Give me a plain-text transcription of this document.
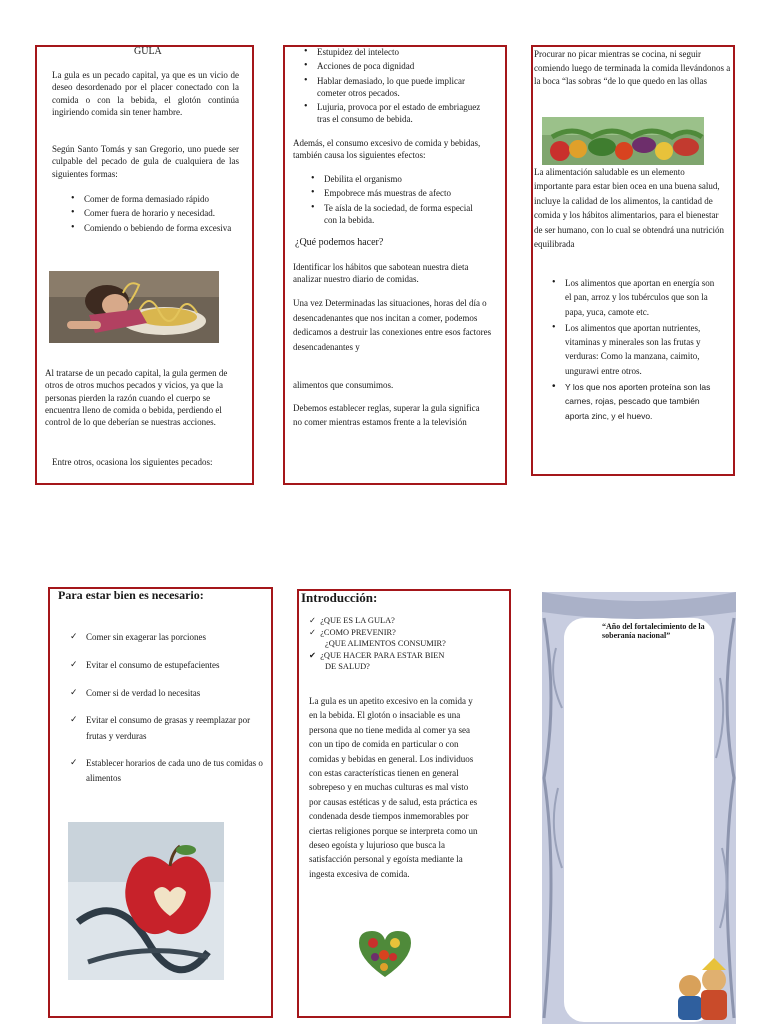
GULA
La gula es un pecado capital, ya que es un vicio de deseo desordenado por el placer conectado con la comida o con la bebida, el glotón continúa ingiriendo comida sin tener hambre.
Según Santo Tomás y san Gregorio, uno puede ser culpable del pecado de gula de cualquiera de las siguientes formas:
• Comer de forma demasiado rápido
• Comer fuera de horario y necesidad.
• Comiendo o bebiendo de forma excesiva
Al tratarse de un pecado capital, la gula germen de otros de otros muchos pecados y vicios, ya que la personas pierden la razón cuando el cuerpo se encuentra lleno de comida o bebida, perdiendo el control de lo que deberían se nuestras acciones.
Entre otros, ocasiona los siguientes pecados:
• Estupidez del intelecto
• Acciones de poca dignidad
• Hablar demasiado, lo que puede implicar cometer otros pecados.
• Lujuria, provoca por el estado de embriaguez tras el consumo de bebida.
Además, el consumo excesivo de comida y bebidas, también causa los siguientes efectos:
• Debilita el organismo
• Empobrece más muestras de afecto
• Te aísla de la sociedad, de forma especial con la bebida.
¿Qué podemos hacer?
Identificar los hábitos que sabotean nuestra dieta analizar nuestro diario de comidas.
Una vez Determinadas las situaciones, horas del día o desencadenantes que nos incitan a comer, podemos dedicamos a destruir las conexiones entre esos factores desencadenantes y
alimentos que consumimos.
Debemos establecer reglas, superar la gula significa no comer mientras estamos frente a la televisión
Procurar no picar mientras se cocina, ni seguir comiendo luego de terminada la comida llevándonos a la boca “las sobras “de lo que quedo en las ollas
La alimentación saludable es un elemento importante para estar bien ocea en una buena salud, incluye la calidad de los alimentos, la cantidad de comida y los hábitos alimentarios, para el bienestar de ser humano, con lo cual se obtendrá una nutrición equilibrada
• Los alimentos que aportan en energía son el pan, arroz y los tubérculos que son la papa, yuca, camote etc.
• Los alimentos que aportan nutrientes, vitaminas y minerales son las frutas y verduras: Como la manzana, caimito, ungurawi entre otros.
• Y los que nos aporten proteína son las carnes, rojas, pescado que también aporta zinc, y el huevo.
Para estar bien es necesario:
✓ Comer sin exagerar las porciones
✓ Evitar el consumo de estupefacientes
✓ Comer si de verdad lo necesitas
✓ Evitar el consumo de grasas y reemplazar por frutas y verduras
✓ Establecer horarios de cada uno de tus comidas o alimentos
Introducción:
✓ ¿QUE ES LA GULA?
✓ ¿COMO PREVENIR?
¿QUE ALIMENTOS CONSUMIR?
✔ ¿QUE HACER PARA ESTAR BIEN
DE SALUD?
La gula es un apetito excesivo en la comida y en la bebida. El glotón o insaciable es una persona que no tiene medida al comer ya sea con un tipo de comida en particular o con comidas y bebidas en general. Los individuos con estas características tienen en general sobrepeso y en muchas culturas es mal visto por causas estéticas y de salud, esta práctica es condenada desde tiempos inmemorables por ciertas religiones porque se interpreta como un deseo egoísta y lujurioso que busca la satisfacción personal y egoísta mediante la ingesta excesiva de comida.
“Año del fortalecimiento de la
soberanía nacional”
